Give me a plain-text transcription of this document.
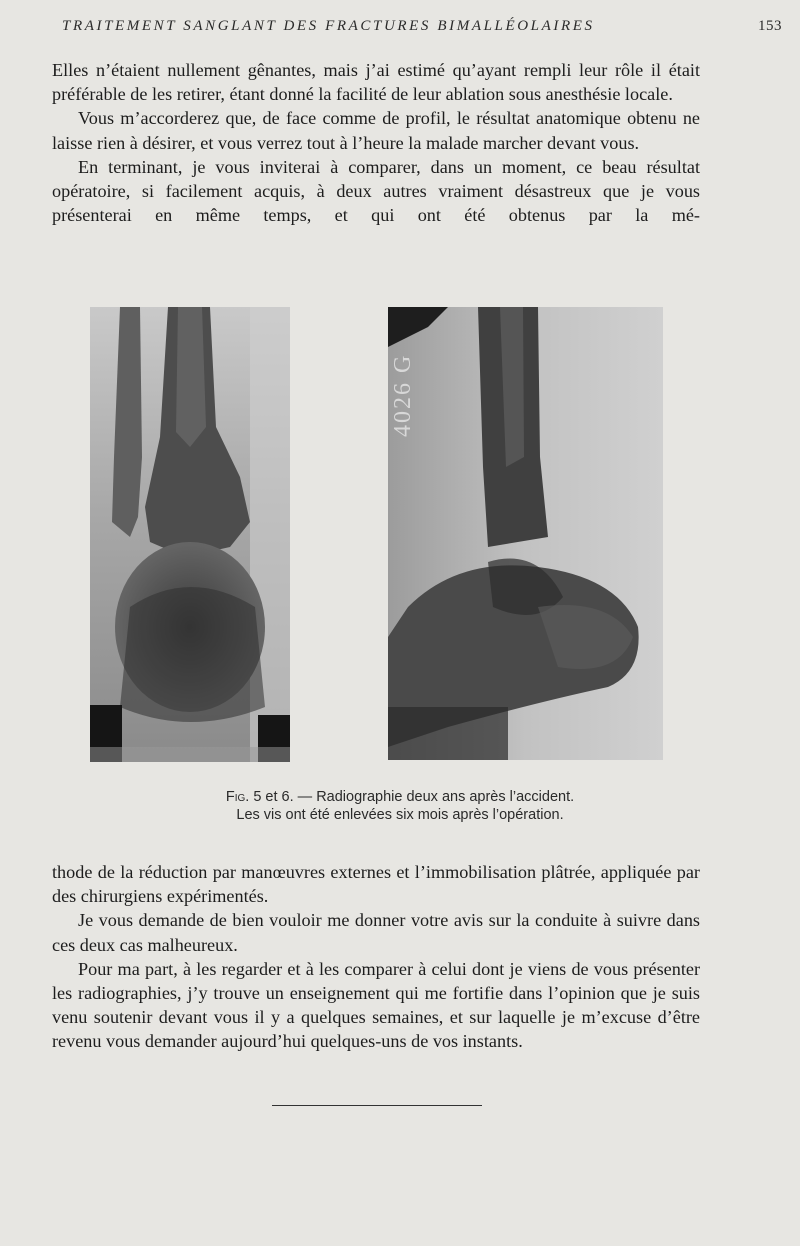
TRAITEMENT SANGLANT DES FRACTURES BIMALLÉOLAIRES	153

Elles n’étaient nullement gênantes, mais j’ai estimé qu’ayant rempli leur rôle il était préférable de les retirer, étant donné la facilité de leur ablation sous anesthésie locale.

Vous m’accorderez que, de face comme de profil, le résultat anatomique obtenu ne laisse rien à désirer, et vous verrez tout à l’heure la malade marcher devant vous.

En terminant, je vous inviterai à comparer, dans un moment, ce beau résultat opératoire, si facilement acquis, à deux autres vraiment désastreux que je vous présenterai en même temps, et qui ont été obtenus par la mé-

4026 G
Fig. 5 et 6. — Radiographie deux ans après l’accident.
Les vis ont été enlevées six mois après l’opération.

thode de la réduction par manœuvres externes et l’immobilisation plâtrée, appliquée par des chirurgiens expérimentés.

Je vous demande de bien vouloir me donner votre avis sur la conduite à suivre dans ces deux cas malheureux.

Pour ma part, à les regarder et à les comparer à celui dont je viens de vous présenter les radiographies, j’y trouve un enseignement qui me fortifie dans l’opinion que je suis venu soutenir devant vous il y a quelques semaines, et sur laquelle je m’excuse d’être revenu vous demander aujourd’hui quelques-uns de vos instants.
